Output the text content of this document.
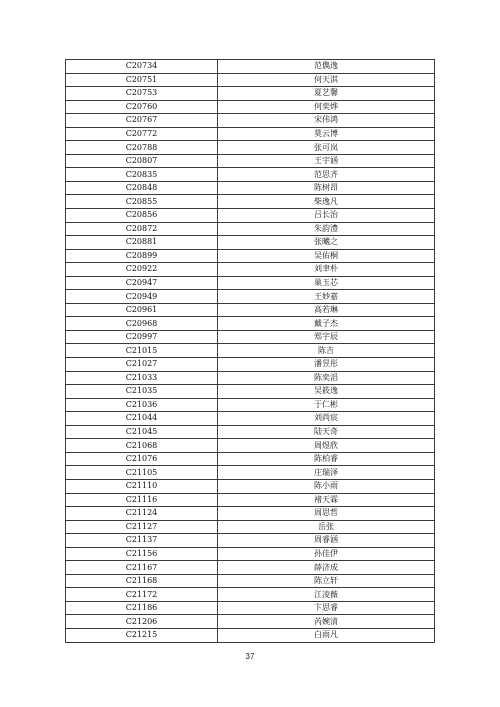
C20734	范儁逸
C20751	何天淇
C20753	夏艺馨
C20760	何奕烨
C20767	宋伟鸿
C20772	莫云博
C20788	张可岚
C20807	王宇涵
C20835	范思齐
C20848	陈树昂
C20855	柴逸凡
C20856	吕长治
C20872	朱韵澧
C20881	张曦之
C20899	吴佑桐
C20922	刘聿朴
C20947	巢玉芯
C20949	王妙嘉
C20961	高若琳
C20968	戴子杰
C20997	郑宇辰
C21015	陈吉
C21027	潘昱彤
C21033	陈奕滔
C21035	吴筱逸
C21036	于仁彬
C21044	刘尚宸
C21045	陆天奇
C21068	周煜欣
C21076	陈柏睿
C21105	庄瑞泽
C21110	陈小雨
C21116	褚天霖
C21124	周思哲
C21127	岳张
C21137	周睿涵
C21156	孙佳伊
C21167	薛济成
C21168	陈立轩
C21172	江凌薇
C21186	卞思睿
C21206	芮婉清
C21215	白雨凡
37
